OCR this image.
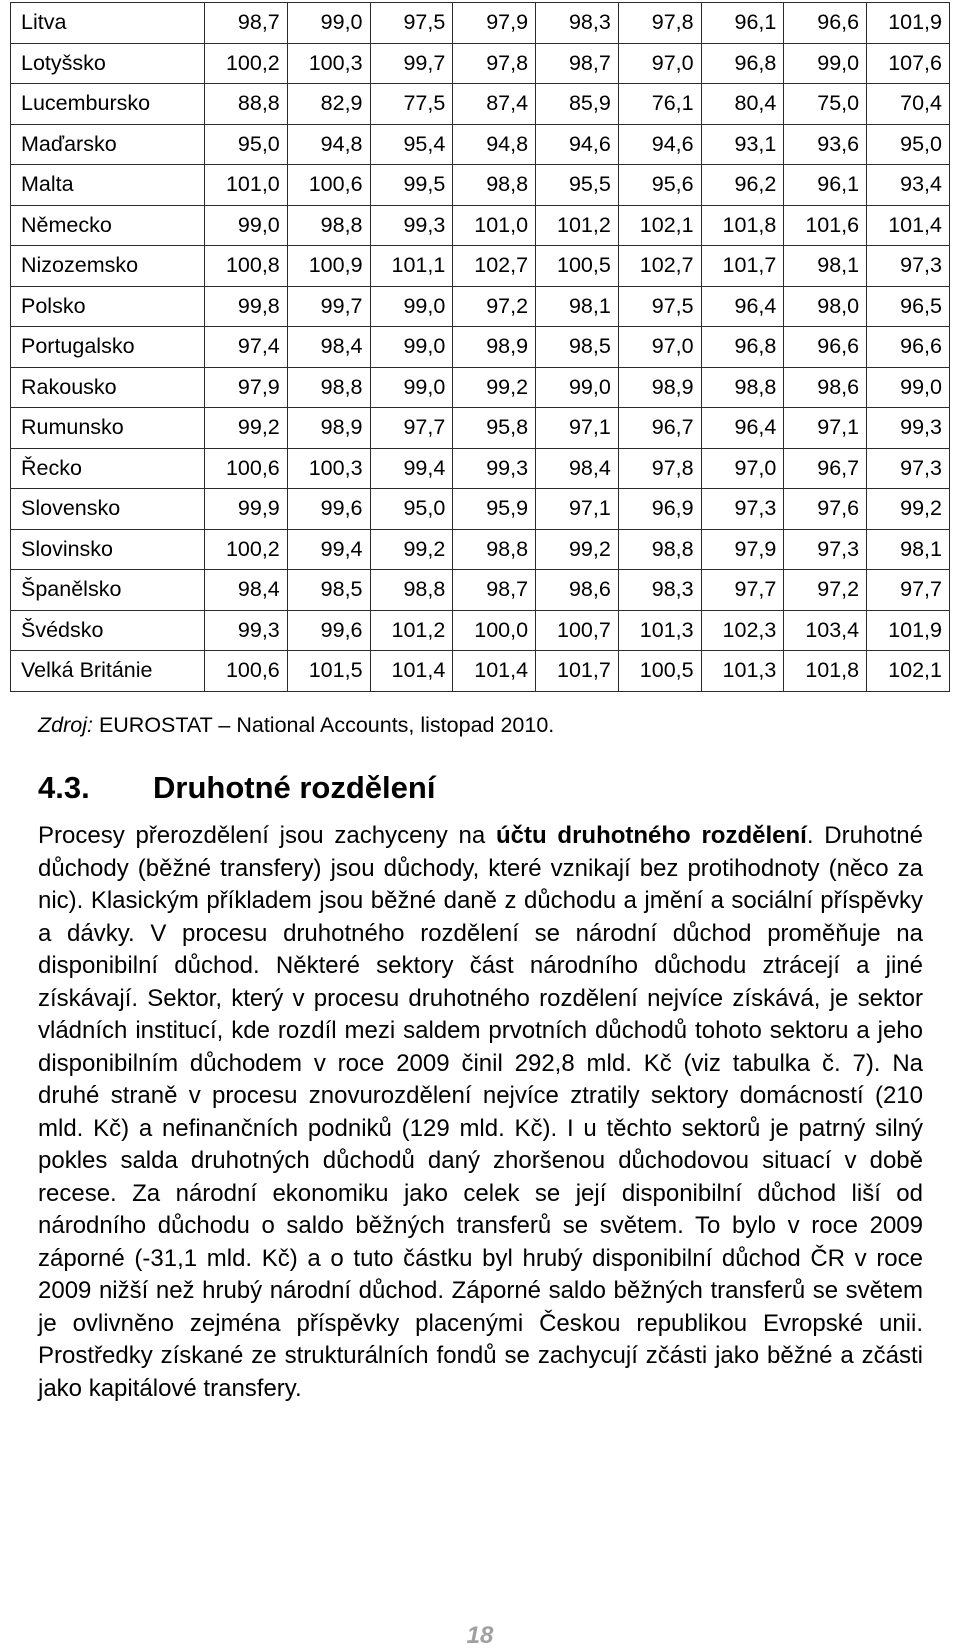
Litva	98,7	99,0	97,5	97,9	98,3	97,8	96,1	96,6	101,9
Lotyšsko	100,2	100,3	99,7	97,8	98,7	97,0	96,8	99,0	107,6
Lucembursko	88,8	82,9	77,5	87,4	85,9	76,1	80,4	75,0	70,4
Maďarsko	95,0	94,8	95,4	94,8	94,6	94,6	93,1	93,6	95,0
Malta	101,0	100,6	99,5	98,8	95,5	95,6	96,2	96,1	93,4
Německo	99,0	98,8	99,3	101,0	101,2	102,1	101,8	101,6	101,4
Nizozemsko	100,8	100,9	101,1	102,7	100,5	102,7	101,7	98,1	97,3
Polsko	99,8	99,7	99,0	97,2	98,1	97,5	96,4	98,0	96,5
Portugalsko	97,4	98,4	99,0	98,9	98,5	97,0	96,8	96,6	96,6
Rakousko	97,9	98,8	99,0	99,2	99,0	98,9	98,8	98,6	99,0
Rumunsko	99,2	98,9	97,7	95,8	97,1	96,7	96,4	97,1	99,3
Řecko	100,6	100,3	99,4	99,3	98,4	97,8	97,0	96,7	97,3
Slovensko	99,9	99,6	95,0	95,9	97,1	96,9	97,3	97,6	99,2
Slovinsko	100,2	99,4	99,2	98,8	99,2	98,8	97,9	97,3	98,1
Španělsko	98,4	98,5	98,8	98,7	98,6	98,3	97,7	97,2	97,7
Švédsko	99,3	99,6	101,2	100,0	100,7	101,3	102,3	103,4	101,9
Velká Británie	100,6	101,5	101,4	101,4	101,7	100,5	101,3	101,8	102,1
Zdroj: EUROSTAT – National Accounts, listopad 2010.
4.3. Druhotné rozdělení
Procesy přerozdělení jsou zachyceny na účtu druhotného rozdělení. Druhotné důchody (běžné transfery) jsou důchody, které vznikají bez protihodnoty (něco za nic). Klasickým příkladem jsou běžné daně z důchodu a jmění a sociální příspěvky a dávky. V procesu druhotného rozdělení se národní důchod proměňuje na disponibilní důchod. Některé sektory část národního důchodu ztrácejí a jiné získávají. Sektor, který v procesu druhotného rozdělení nejvíce získává, je sektor vládních institucí, kde rozdíl mezi saldem prvotních důchodů tohoto sektoru a jeho disponibilním důchodem v roce 2009 činil 292,8 mld. Kč (viz tabulka č. 7). Na druhé straně v procesu znovurozdělení nejvíce ztratily sektory domácností (210 mld. Kč) a nefinančních podniků (129 mld. Kč). I u těchto sektorů je patrný silný pokles salda druhotných důchodů daný zhoršenou důchodovou situací v době recese. Za národní ekonomiku jako celek se její disponibilní důchod liší od národního důchodu o saldo běžných transferů se světem. To bylo v roce 2009 záporné (-31,1 mld. Kč) a o tuto částku byl hrubý disponibilní důchod ČR v roce 2009 nižší než hrubý národní důchod. Záporné saldo běžných transferů se světem je ovlivněno zejména příspěvky placenými Českou republikou Evropské unii. Prostředky získané ze strukturálních fondů se zachycují zčásti jako běžné a zčásti jako kapitálové transfery.
18
